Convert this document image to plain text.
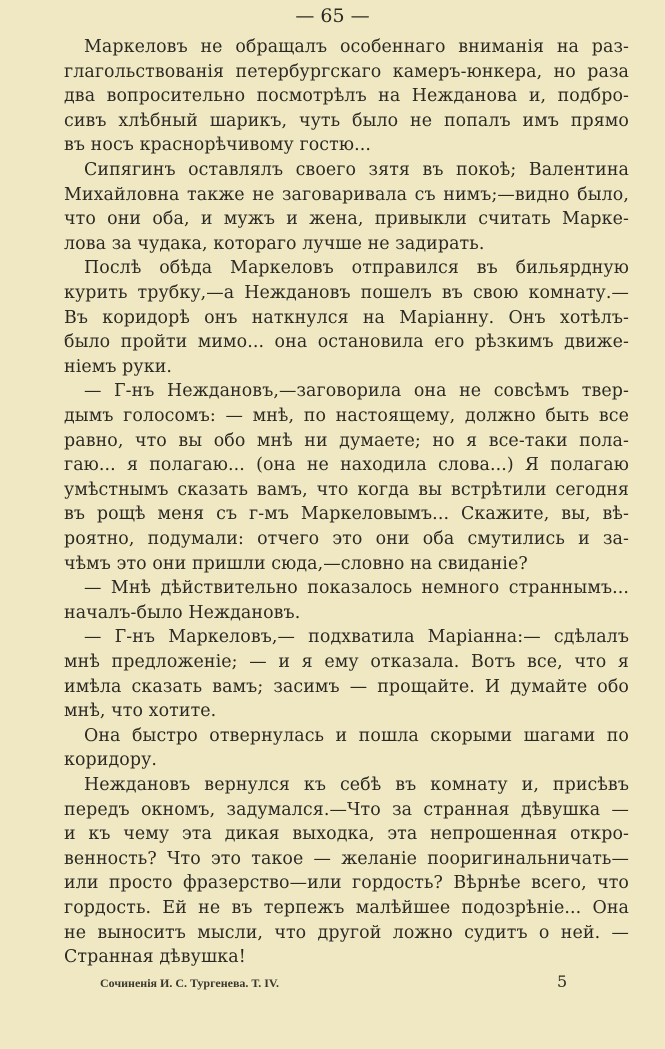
— 65 —
Маркеловъ не обращалъ особеннаго вниманія на раз-
глагольствованія петербургскаго камеръ-юнкера, но раза
два вопросительно посмотрѣлъ на Нежданова и, подбро-
сивъ хлѣбный шарикъ, чуть было не попалъ имъ прямо
въ носъ краснорѣчивому гостю...
Сипягинъ оставлялъ своего зятя въ покоѣ; Валентина
Михайловна также не заговаривала съ нимъ;—видно было,
что они оба, и мужъ и жена, привыкли считать Марке-
лова за чудака, котораго лучше не задирать.
Послѣ обѣда Маркеловъ отправился въ бильярдную
курить трубку,—а Неждановъ пошелъ въ свою комнату.—
Въ коридорѣ онъ наткнулся на Маріанну. Онъ хотѣлъ-
было пройти мимо... она остановила его рѣзкимъ движе-
ніемъ руки.
— Г-нъ Неждановъ,—заговорила она не совсѣмъ твер-
дымъ голосомъ: — мнѣ, по настоящему, должно быть все
равно, что вы обо мнѣ ни думаете; но я все-таки пола-
гаю... я полагаю... (она не находила слова...) Я полагаю
умѣстнымъ сказать вамъ, что когда вы встрѣтили сегодня
въ рощѣ меня съ г-мъ Маркеловымъ... Скажите, вы, вѣ-
роятно, подумали: отчего это они оба смутились и за-
чѣмъ это они пришли сюда,—словно на свиданіе?
— Мнѣ дѣйствительно показалось немного страннымъ...
началъ-было Неждановъ.
— Г-нъ Маркеловъ,— подхватила Маріанна:— сдѣлалъ
мнѣ предложеніе; — и я ему отказала. Вотъ все, что я
имѣла сказать вамъ; засимъ — прощайте. И думайте обо
мнѣ, что хотите.
Она быстро отвернулась и пошла скорыми шагами по
коридору.
Неждановъ вернулся къ себѣ въ комнату и, присѣвъ
передъ окномъ, задумался.—Что за странная дѣвушка —
и къ чему эта дикая выходка, эта непрошенная откро-
венность? Что это такое — желаніе пооригинальничать—
или просто фразерство—или гордость? Вѣрнѣе всего, что
гордость. Ей не въ терпежъ малѣйшее подозрѣніе... Она
не выноситъ мысли, что другой ложно судитъ о ней. —
Странная дѣвушка!
Сочиненія И. С. Тургенева. Т. IV.	5
